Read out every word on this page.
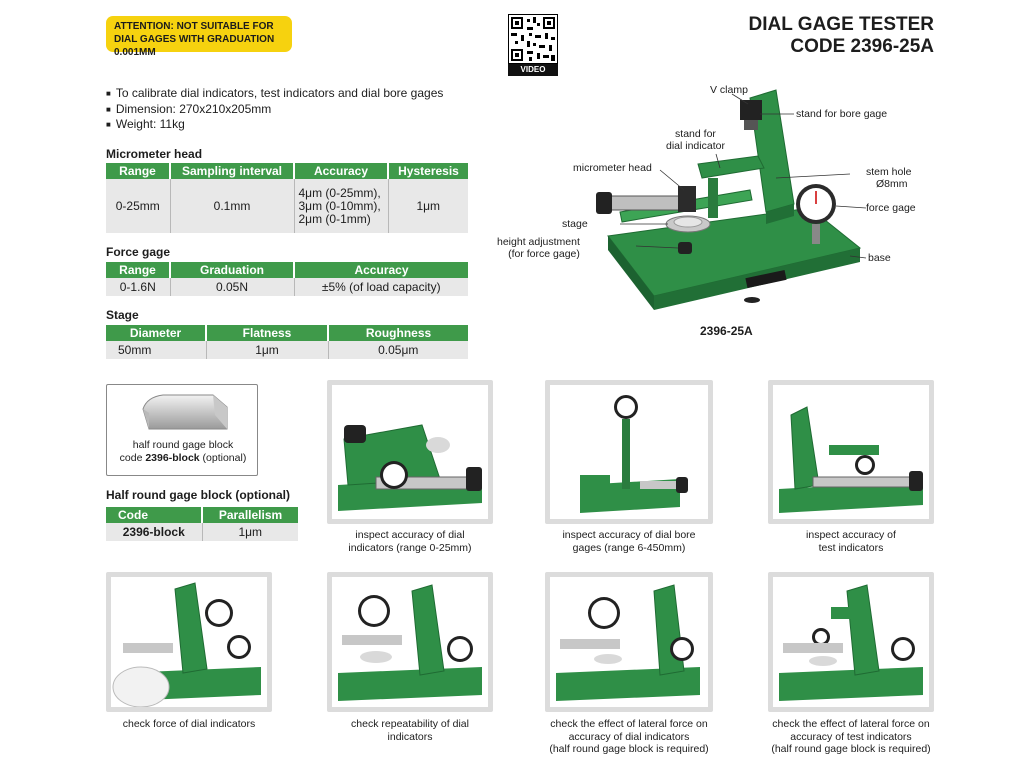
ATTENTION: NOT SUITABLE FOR DIAL GAGES WITH GRADUATION 0.001MM
VIDEO
DIAL GAGE TESTER
CODE 2396-25A
■ To calibrate dial indicators, test indicators and dial bore gages
■ Dimension: 270x210x205mm
■ Weight: 11kg
Micrometer head
Range	Sampling interval	Accuracy	Hysteresis
0-25mm	0.1mm	4μm (0-25mm),
3μm (0-10mm),
2μm (0-1mm)	1μm
Force gage
Range	Graduation	Accuracy
0-1.6N	0.05N	±5% (of load capacity)
Stage
Diameter	Flatness	Roughness
50mm	1μm	0.05μm
half round gage block
code 2396-block (optional)
Half round gage block (optional)
Code	Parallelism
2396-block	1μm
V clamp
stand for bore gage
stand for
dial indicator
micrometer head	stem hole
Ø8mm
stage
force gage
height adjustment
(for force gage)	base
2396-25A
inspect accuracy of dial
indicators (range 0-25mm)
inspect accuracy of dial bore
gages (range 6-450mm)
inspect accuracy of
test indicators
check force of dial indicators	check repeatability of dial
indicators
check the effect of lateral force on
accuracy of dial indicators
(half round gage block is required)
check the effect of lateral force on
accuracy of test indicators
(half round gage block is required)
